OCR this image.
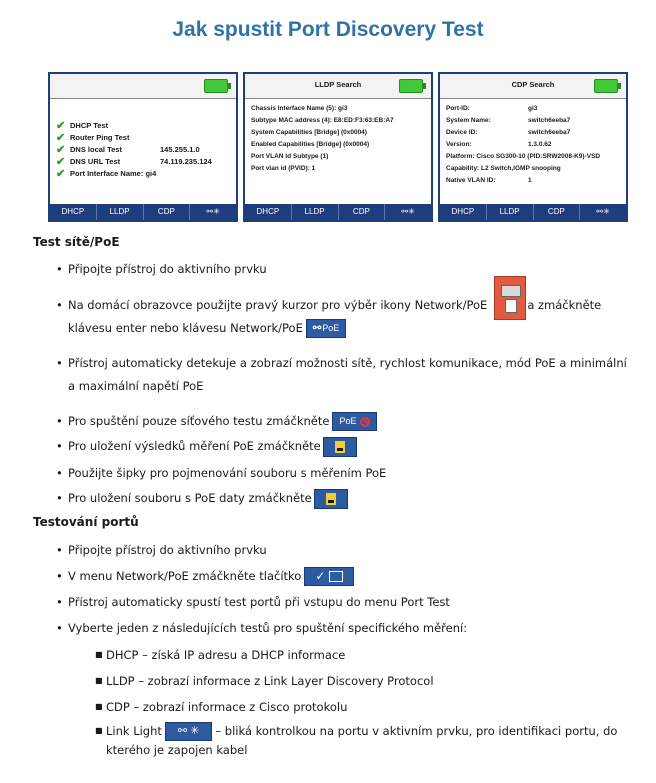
Jak spustit Port Discovery Test
✔ DHCP Test
✔ Router Ping Test
✔ DNS local Test	145.255.1.0
✔ DNS URL Test	74.119.235.124
✔ Port Interface Name: gi4
DHCP	LLDP	CDP	⚯✳
LLDP Search
Chassis Interface Name (5): gi3
Subtype MAC address (4): E8:ED:F3:63:EB:A7
System Capabilities [Bridge] (0x0004)
Enabled Capabilities [Bridge] (0x0004)
Port VLAN Id Subtype (1)
Port vlan id (PVID): 1
DHCP	LLDP	CDP	⚯✳
CDP Search
Port-ID:	gi3
System Name:	switch6eeba7
Device ID:	switch6eeba7
Version:	1.3.0.62
Platform: Cisco SG300-10 (PID:SRW2008-K9)-VSD
Capability: L2 Switch,IGMP snooping
Native VLAN ID:	1
DHCP	LLDP	CDP	⚯✳
Test sítě/PoE
• Připojte přístroj do aktivního prvku
• Na domácí obrazovce použijte pravý kurzor pro výběr ikony Network/PoE	a zmáčkněte
klávesu enter nebo klávesu Network/PoE ⚯ PoE
• Přístroj automaticky detekuje a zobrazí možnosti sítě, rychlost komunikace, mód PoE a minimální a maximální napětí PoE
• Pro spuštění pouze síťového testu zmáčkněte PoE
• Pro uložení výsledků měření PoE zmáčkněte
• Použijte šipky pro pojmenování souboru s měřením PoE
• Pro uložení souboru s PoE daty zmáčkněte
Testování portů
• Připojte přístroj do aktivního prvku
• V menu Network/PoE zmáčkněte tlačítko ✓
• Přístroj automaticky spustí test portů při vstupu do menu Port Test
• Vyberte jeden z následujících testů pro spuštění specifického měření:
■ DHCP – získá IP adresu a DHCP informace
■ LLDP – zobrazí informace z Link Layer Discovery Protocol
■ CDP – zobrazí informace z Cisco protokolu
■ Link Light ⚯ ✳ – bliká kontrolkou na portu v aktivním prvku, pro identifikaci portu, do kterého je zapojen kabel
